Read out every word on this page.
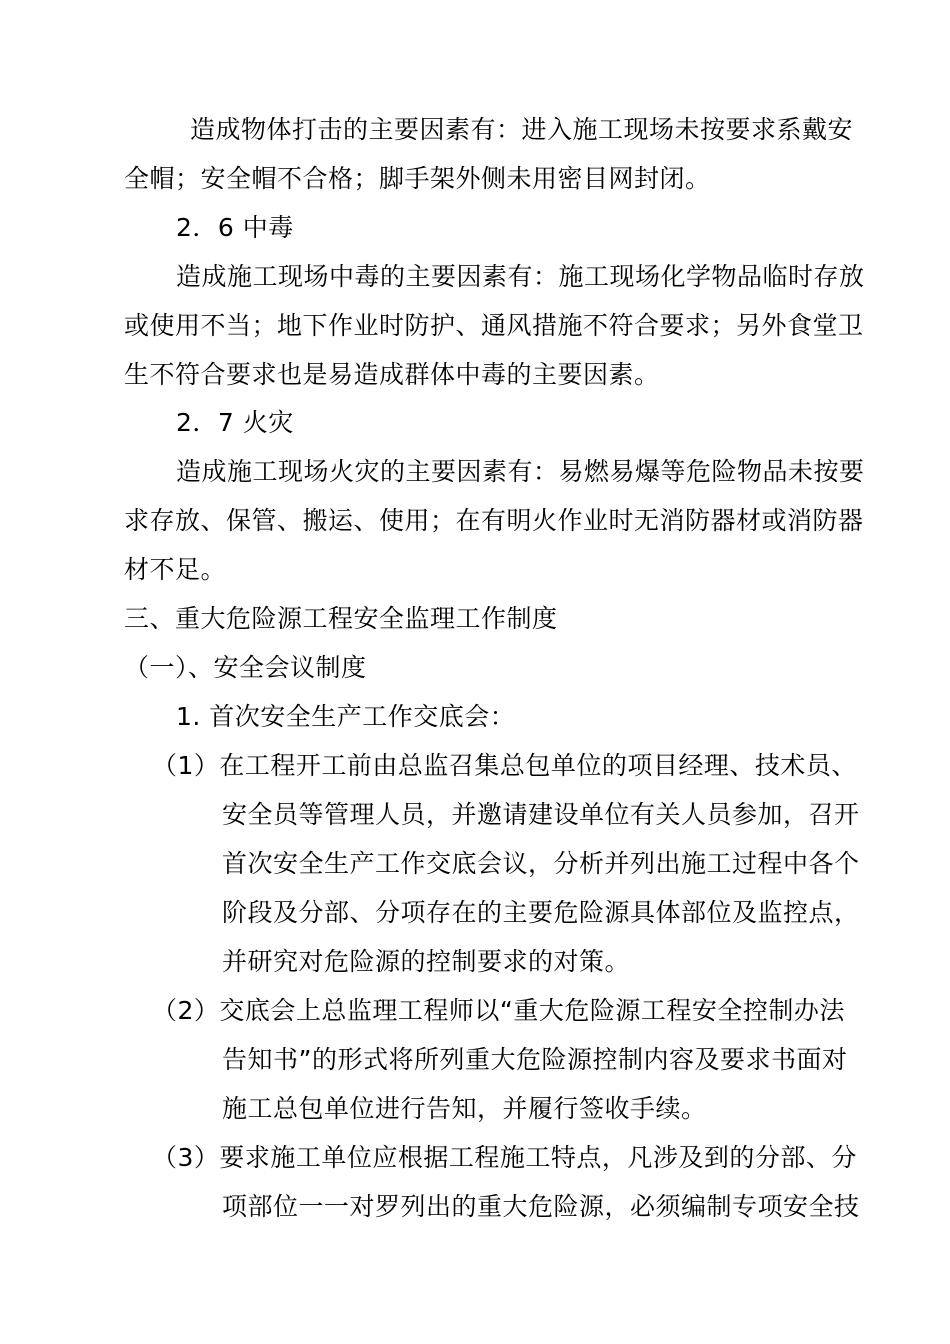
造成物体打击的主要因素有：进入施工现场未按要求系戴安
全帽；安全帽不合格；脚手架外侧未用密目网封闭。
2．6 中毒
造成施工现场中毒的主要因素有：施工现场化学物品临时存放
或使用不当；地下作业时防护、通风措施不符合要求；另外食堂卫
生不符合要求也是易造成群体中毒的主要因素。
2．7 火灾
造成施工现场火灾的主要因素有：易燃易爆等危险物品未按要
求存放、保管、搬运、使用；在有明火作业时无消防器材或消防器
材不足。
三、重大危险源工程安全监理工作制度
（一）、安全会议制度
1. 首次安全生产工作交底会：
（1）在工程开工前由总监召集总包单位的项目经理、技术员、
安全员等管理人员，并邀请建设单位有关人员参加，召开
首次安全生产工作交底会议，分析并列出施工过程中各个
阶段及分部、分项存在的主要危险源具体部位及监控点，
并研究对危险源的控制要求的对策。
（2）交底会上总监理工程师以“重大危险源工程安全控制办法
告知书”的形式将所列重大危险源控制内容及要求书面对
施工总包单位进行告知，并履行签收手续。
（3）要求施工单位应根据工程施工特点，凡涉及到的分部、分
项部位一一对罗列出的重大危险源，必须编制专项安全技
